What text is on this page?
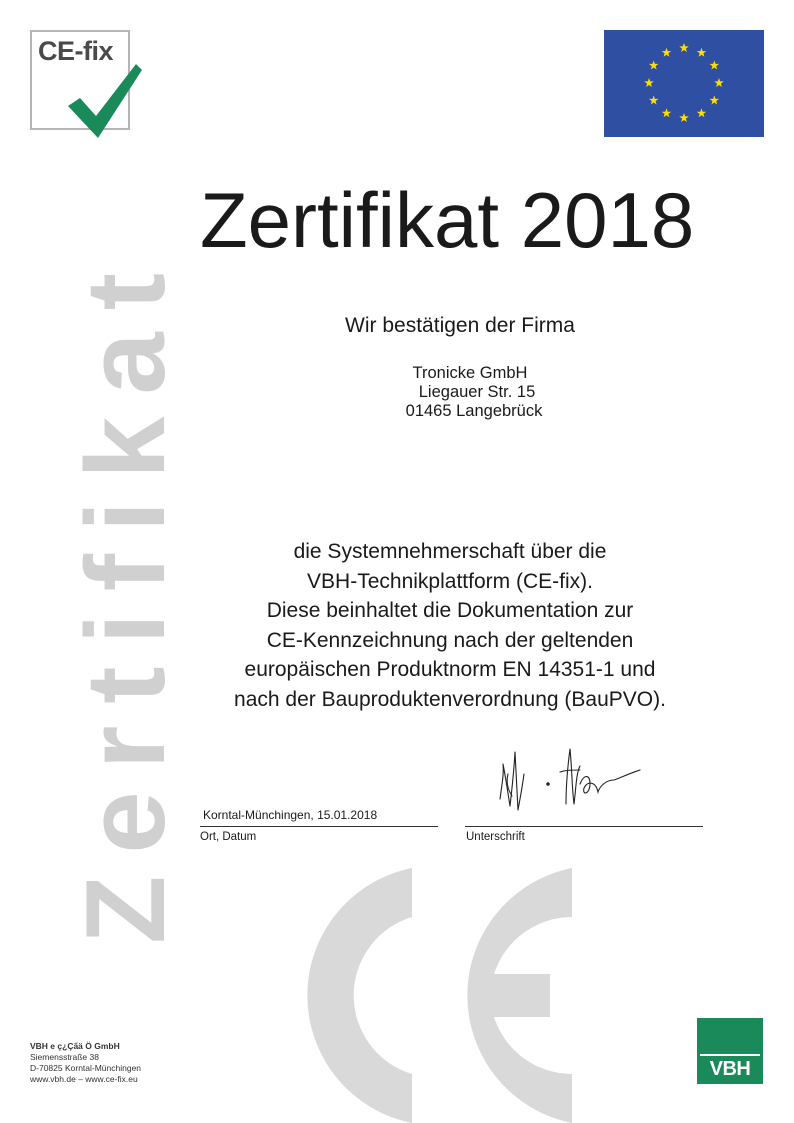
CE-fix
Zertifikat
Zertifikat 2018
Wir bestätigen der Firma
Tronicke GmbH
Liegauer Str. 15
01465 Langebrück
die Systemnehmerschaft über die
VBH-Technikplattform (CE-fix).
Diese beinhaltet die Dokumentation zur
CE-Kennzeichnung nach der geltenden
europäischen Produktnorm EN 14351-1 und
nach der Bauproduktenverordnung (BauPVO).
Korntal-Münchingen, 15.01.2018
Ort, Datum	Unterschrift
VBH e ç¿Ça̋ä Ö GmbH
Siemensstraße 38
D-70825 Korntal-Münchingen
www.vbh.de – www.ce-fix.eu	VBH
